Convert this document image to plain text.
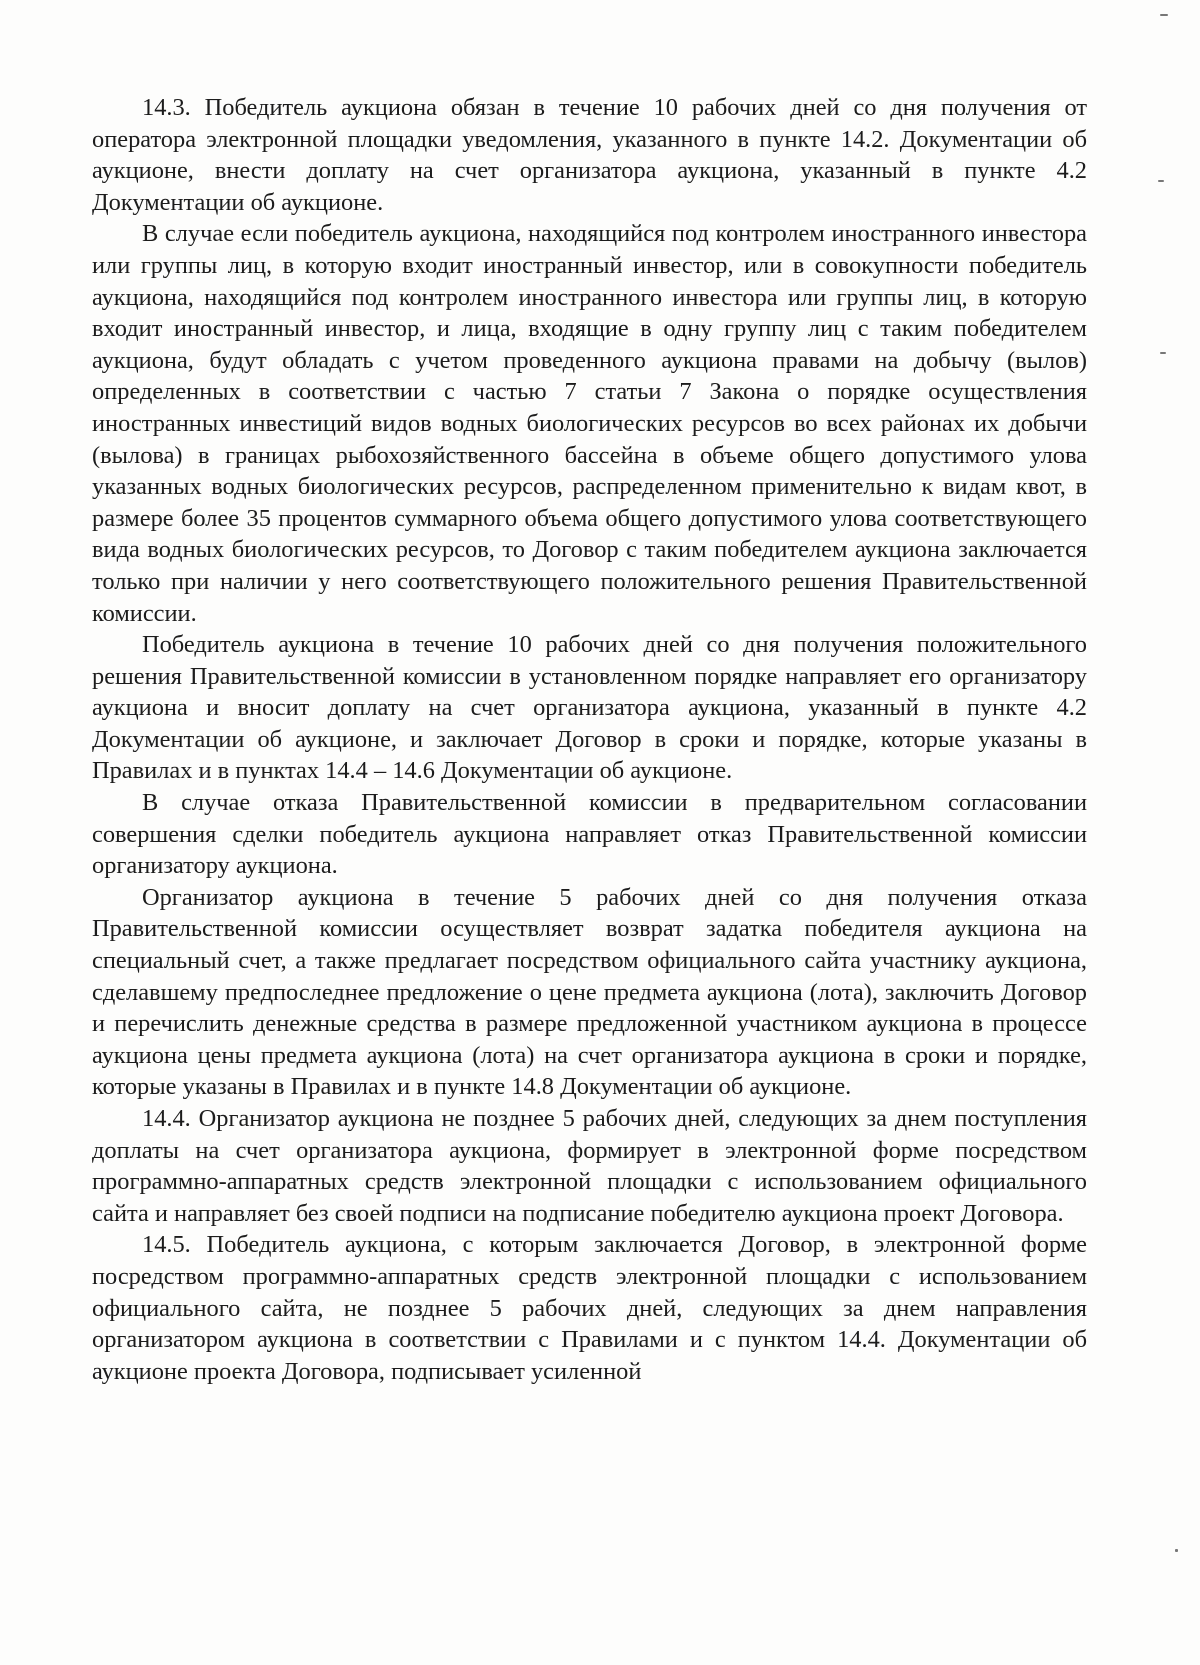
14.3. Победитель аукциона обязан в течение 10 рабочих дней со дня получения от оператора электронной площадки уведомления, указанного в пункте 14.2. Документации об аукционе, внести доплату на счет организатора аукциона, указанный в пункте 4.2 Документации об аукционе.

В случае если победитель аукциона, находящийся под контролем иностранного инвестора или группы лиц, в которую входит иностранный инвестор, или в совокупности победитель аукциона, находящийся под контролем иностранного инвестора или группы лиц, в которую входит иностранный инвестор, и лица, входящие в одну группу лиц с таким победителем аукциона, будут обладать с учетом проведенного аукциона правами на добычу (вылов) определенных в соответствии с частью 7 статьи 7 Закона о порядке осуществления иностранных инвестиций видов водных биологических ресурсов во всех районах их добычи (вылова) в границах рыбохозяйственного бассейна в объеме общего допустимого улова указанных водных биологических ресурсов, распределенном применительно к видам квот, в размере более 35 процентов суммарного объема общего допустимого улова соответствующего вида водных биологических ресурсов, то Договор с таким победителем аукциона заключается только при наличии у него соответствующего положительного решения Правительственной комиссии.

Победитель аукциона в течение 10 рабочих дней со дня получения положительного решения Правительственной комиссии в установленном порядке направляет его организатору аукциона и вносит доплату на счет организатора аукциона, указанный в пункте 4.2 Документации об аукционе, и заключает Договор в сроки и порядке, которые указаны в Правилах и в пунктах 14.4 – 14.6 Документации об аукционе.

В случае отказа Правительственной комиссии в предварительном согласовании совершения сделки победитель аукциона направляет отказ Правительственной комиссии организатору аукциона.

Организатор аукциона в течение 5 рабочих дней со дня получения отказа Правительственной комиссии осуществляет возврат задатка победителя аукциона на специальный счет, а также предлагает посредством официального сайта участнику аукциона, сделавшему предпоследнее предложение о цене предмета аукциона (лота), заключить Договор и перечислить денежные средства в размере предложенной участником аукциона в процессе аукциона цены предмета аукциона (лота) на счет организатора аукциона в сроки и порядке, которые указаны в Правилах и в пункте 14.8 Документации об аукционе.

14.4. Организатор аукциона не позднее 5 рабочих дней, следующих за днем поступления доплаты на счет организатора аукциона, формирует в электронной форме посредством программно-аппаратных средств электронной площадки с использованием официального сайта и направляет без своей подписи на подписание победителю аукциона проект Договора.

14.5. Победитель аукциона, с которым заключается Договор, в электронной форме посредством программно-аппаратных средств электронной площадки с использованием официального сайта, не позднее 5 рабочих дней, следующих за днем направления организатором аукциона в соответствии с Правилами и с пунктом 14.4. Документации об аукционе проекта Договора, подписывает усиленной
